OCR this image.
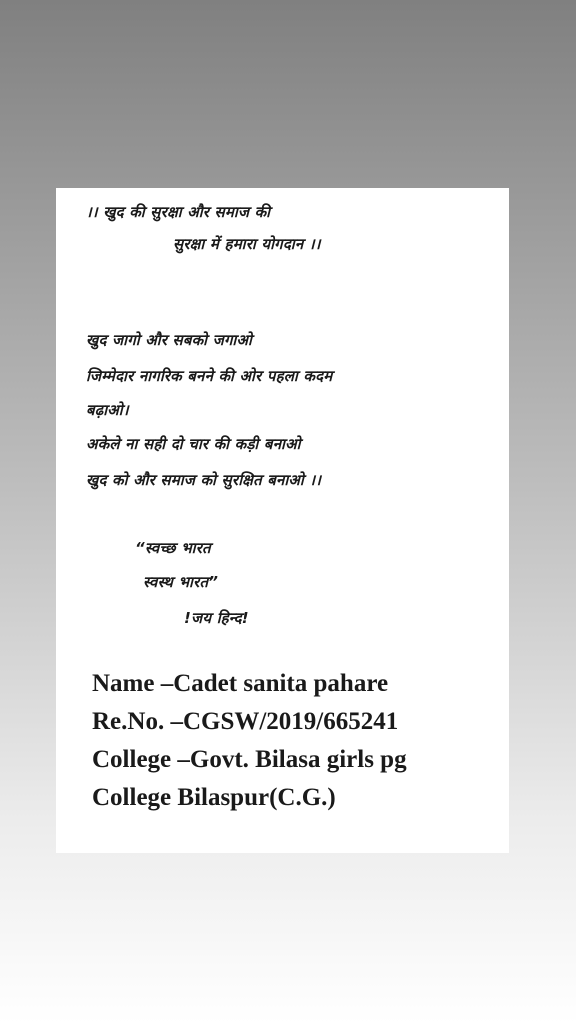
।। खुद की सुरक्षा और समाज की
सुरक्षा में हमारा योगदान ।।
खुद जागो और सबको जगाओ
जिम्मेदार नागरिक बनने की ओर पहला कदम
बढ़ाओ।
अकेले ना सही दो चार की कड़ी बनाओ
खुद को और समाज को सुरक्षित बनाओ ।।
“स्वच्छ भारत
स्वस्थ भारत”
!जय हिन्द!
Name –Cadet sanita pahare
Re.No. –CGSW/2019/665241
College –Govt. Bilasa girls pg
College Bilaspur(C.G.)
